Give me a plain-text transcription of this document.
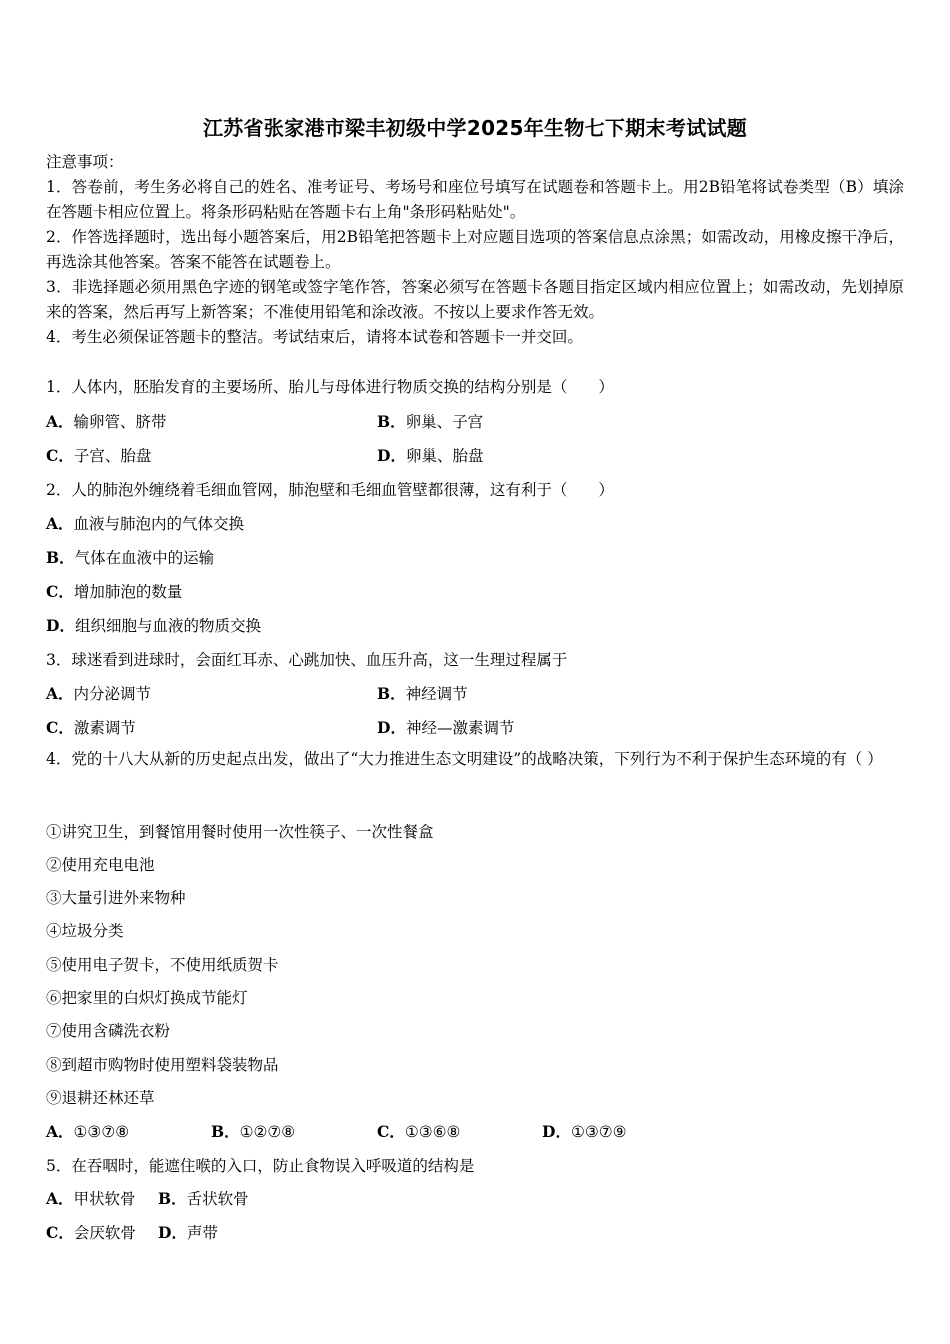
江苏省张家港市梁丰初级中学2025年生物七下期末考试试题

注意事项：

1．答卷前，考生务必将自己的姓名、准考证号、考场号和座位号填写在试题卷和答题卡上。用2B铅笔将试卷类型（B）填涂在答题卡相应位置上。将条形码粘贴在答题卡右上角"条形码粘贴处"。

2．作答选择题时，选出每小题答案后，用2B铅笔把答题卡上对应题目选项的答案信息点涂黑；如需改动，用橡皮擦干净后，再选涂其他答案。答案不能答在试题卷上。

3．非选择题必须用黑色字迹的钢笔或签字笔作答，答案必须写在答题卡各题目指定区域内相应位置上；如需改动，先划掉原来的答案，然后再写上新答案；不准使用铅笔和涂改液。不按以上要求作答无效。

4．考生必须保证答题卡的整洁。考试结束后，请将本试卷和答题卡一并交回。

1．人体内，胚胎发育的主要场所、胎儿与母体进行物质交换的结构分别是（　　）
A．输卵管、脐带	B．卵巢、子宫
C．子宫、胎盘	D．卵巢、胎盘
2．人的肺泡外缠绕着毛细血管网，肺泡壁和毛细血管壁都很薄，这有利于（　　）
A．血液与肺泡内的气体交换
B．气体在血液中的运输
C．增加肺泡的数量
D．组织细胞与血液的物质交换
3．球迷看到进球时，会面红耳赤、心跳加快、血压升高，这一生理过程属于
A．内分泌调节	B．神经调节
C．激素调节	D．神经—激素调节
4．党的十八大从新的历史起点出发，做出了“大力推进生态文明建设”的战略决策，下列行为不利于保护生态环境的有（ ）
①讲究卫生，到餐馆用餐时使用一次性筷子、一次性餐盒
②使用充电电池
③大量引进外来物种
④垃圾分类
⑤使用电子贺卡，不使用纸质贺卡
⑥把家里的白炽灯换成节能灯
⑦使用含磷洗衣粉
⑧到超市购物时使用塑料袋装物品
⑨退耕还林还草
A．①③⑦⑧	B．①②⑦⑧	C．①③⑥⑧	D．①③⑦⑨
5．在吞咽时，能遮住喉的入口，防止食物误入呼吸道的结构是
A．甲状软骨 B．舌状软骨
C．会厌软骨 D．声带
